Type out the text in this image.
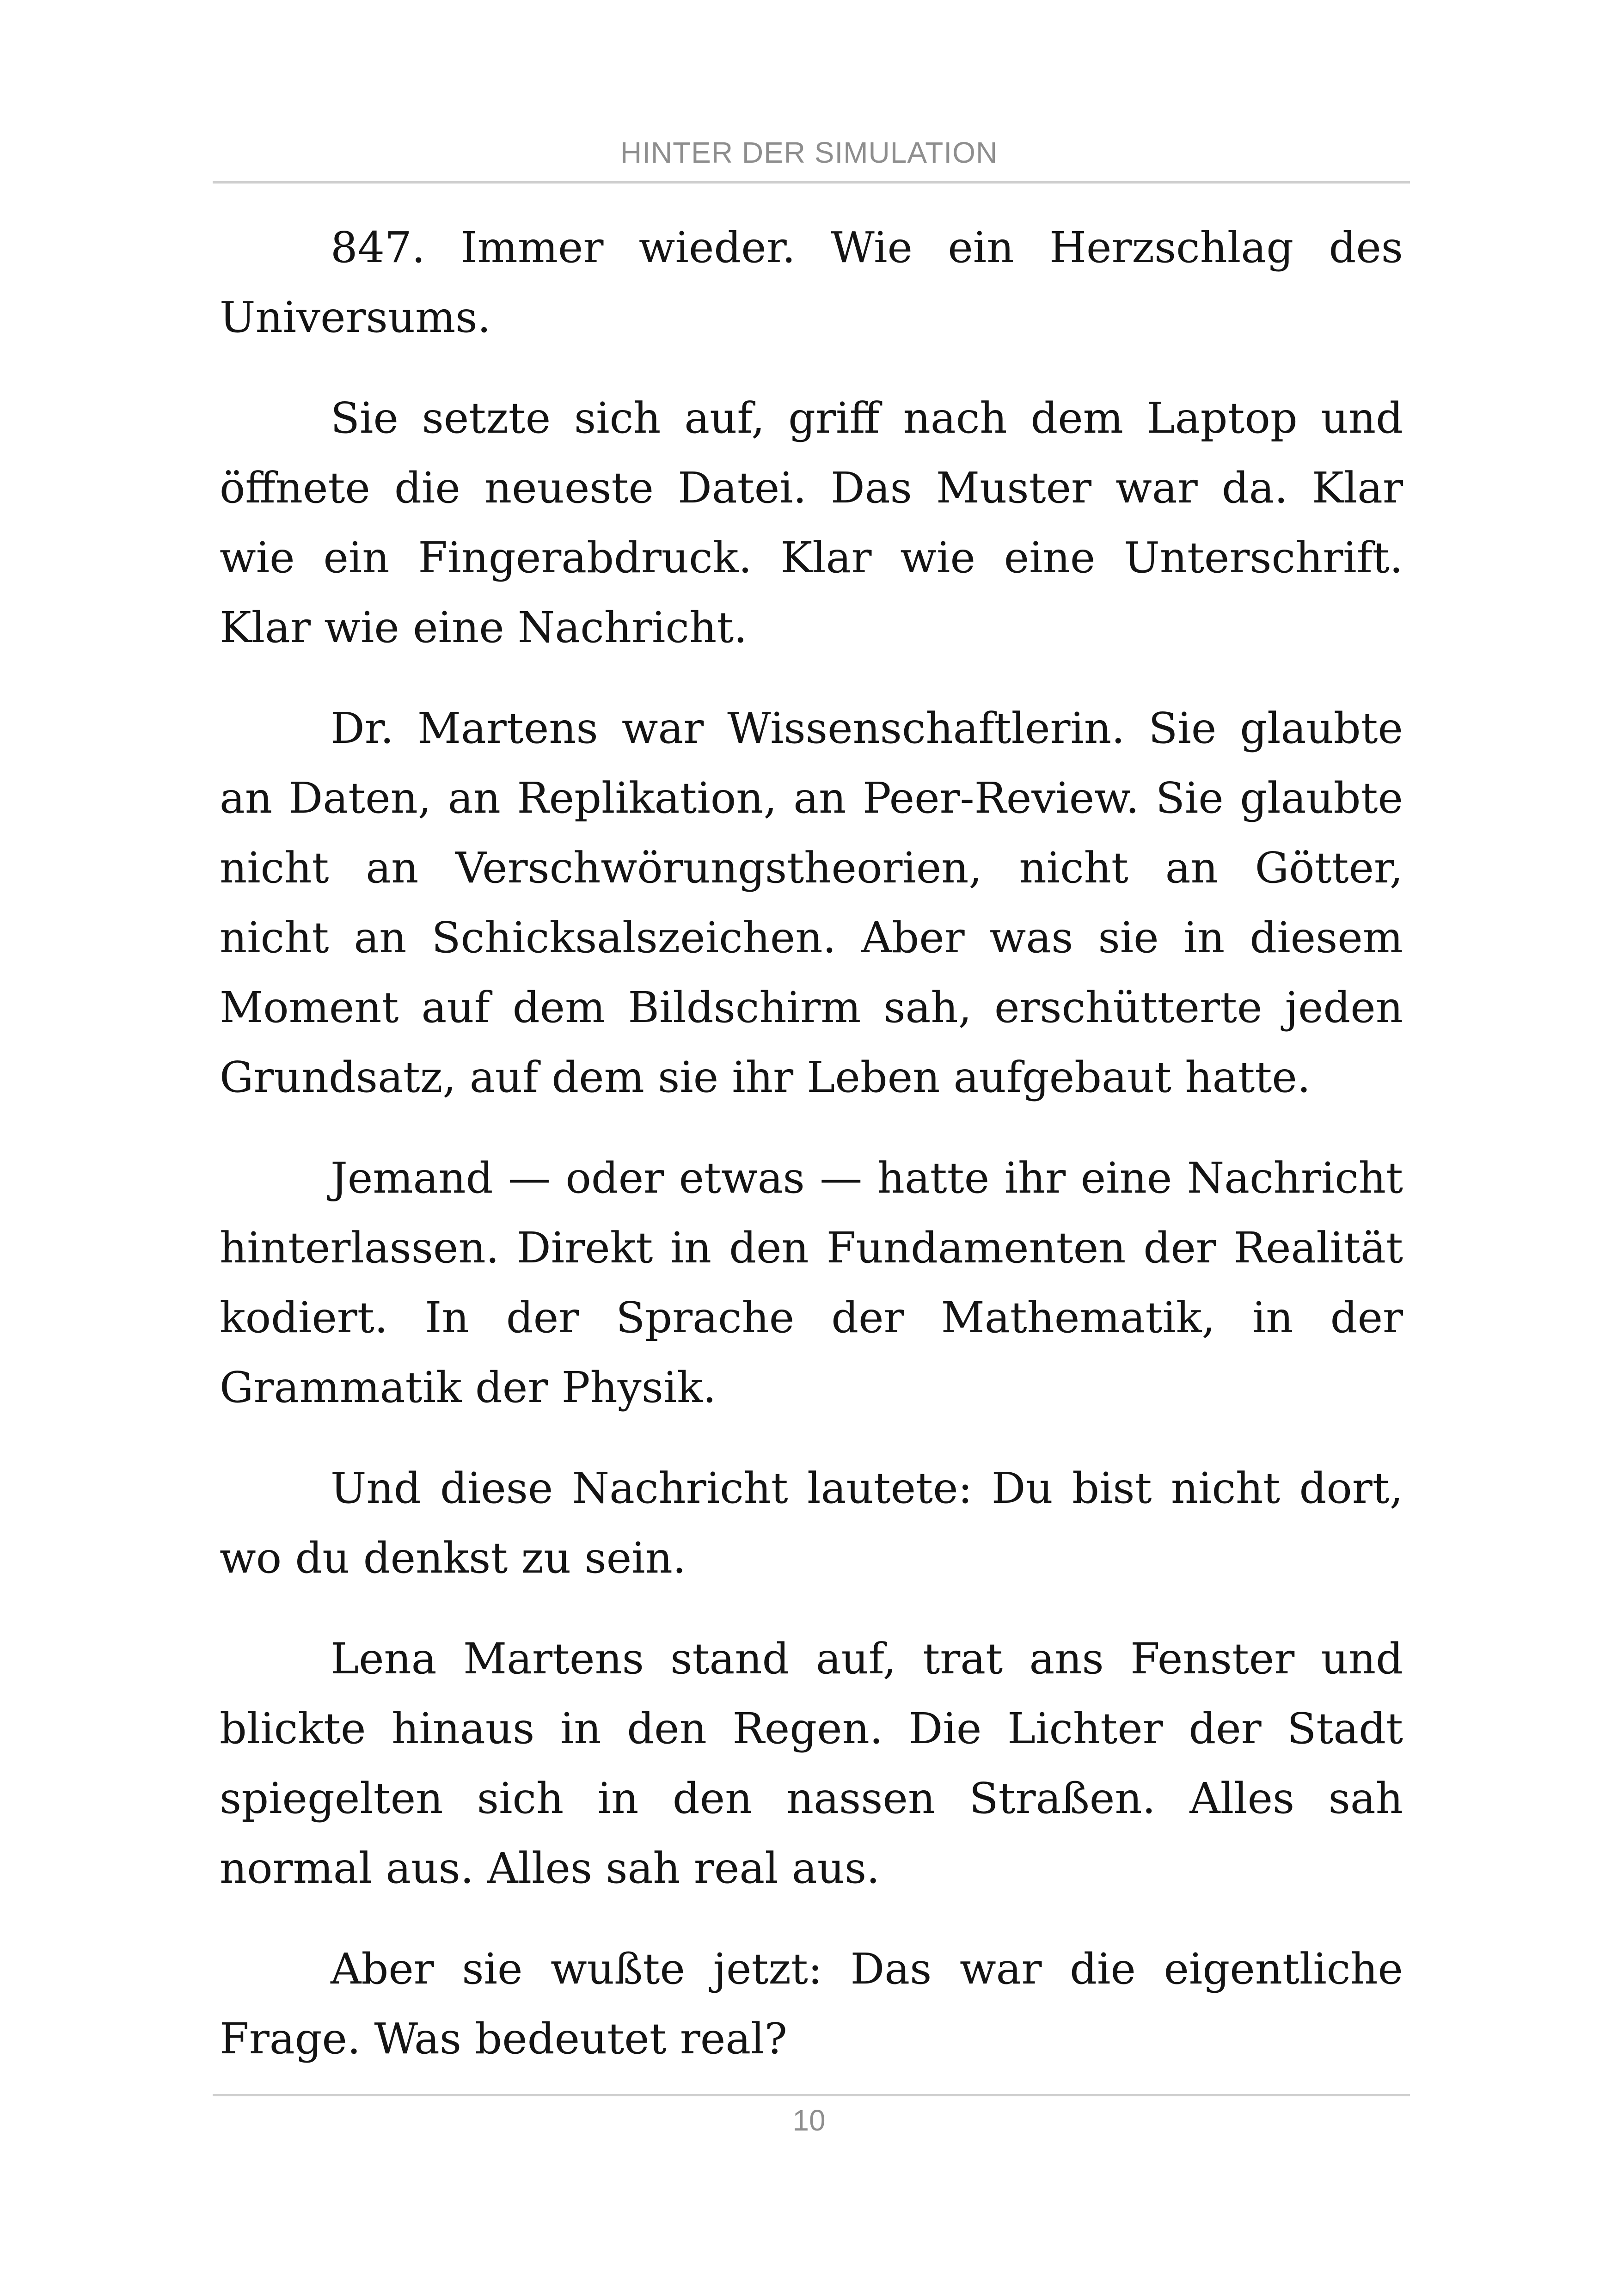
HINTER DER SIMULATION

847. Immer wieder. Wie ein Herzschlag des Universums.

Sie setzte sich auf, griff nach dem Laptop und öffnete die neueste Datei. Das Muster war da. Klar wie ein Fingerabdruck. Klar wie eine Unterschrift. Klar wie eine Nachricht.

Dr. Martens war Wissenschaftlerin. Sie glaubte an Daten, an Replikation, an Peer-Review. Sie glaubte nicht an Verschwörungstheorien, nicht an Götter, nicht an Schicksalszeichen. Aber was sie in diesem Moment auf dem Bildschirm sah, erschütterte jeden Grundsatz, auf dem sie ihr Leben aufgebaut hatte.

Jemand — oder etwas — hatte ihr eine Nachricht hinterlassen. Direkt in den Fundamenten der Realität kodiert. In der Sprache der Mathematik, in der Grammatik der Physik.

Und diese Nachricht lautete: Du bist nicht dort, wo du denkst zu sein.

Lena Martens stand auf, trat ans Fenster und blickte hinaus in den Regen. Die Lichter der Stadt spiegelten sich in den nassen Straßen. Alles sah normal aus. Alles sah real aus.

Aber sie wußte jetzt: Das war die eigentliche Frage. Was bedeutet real?

10
